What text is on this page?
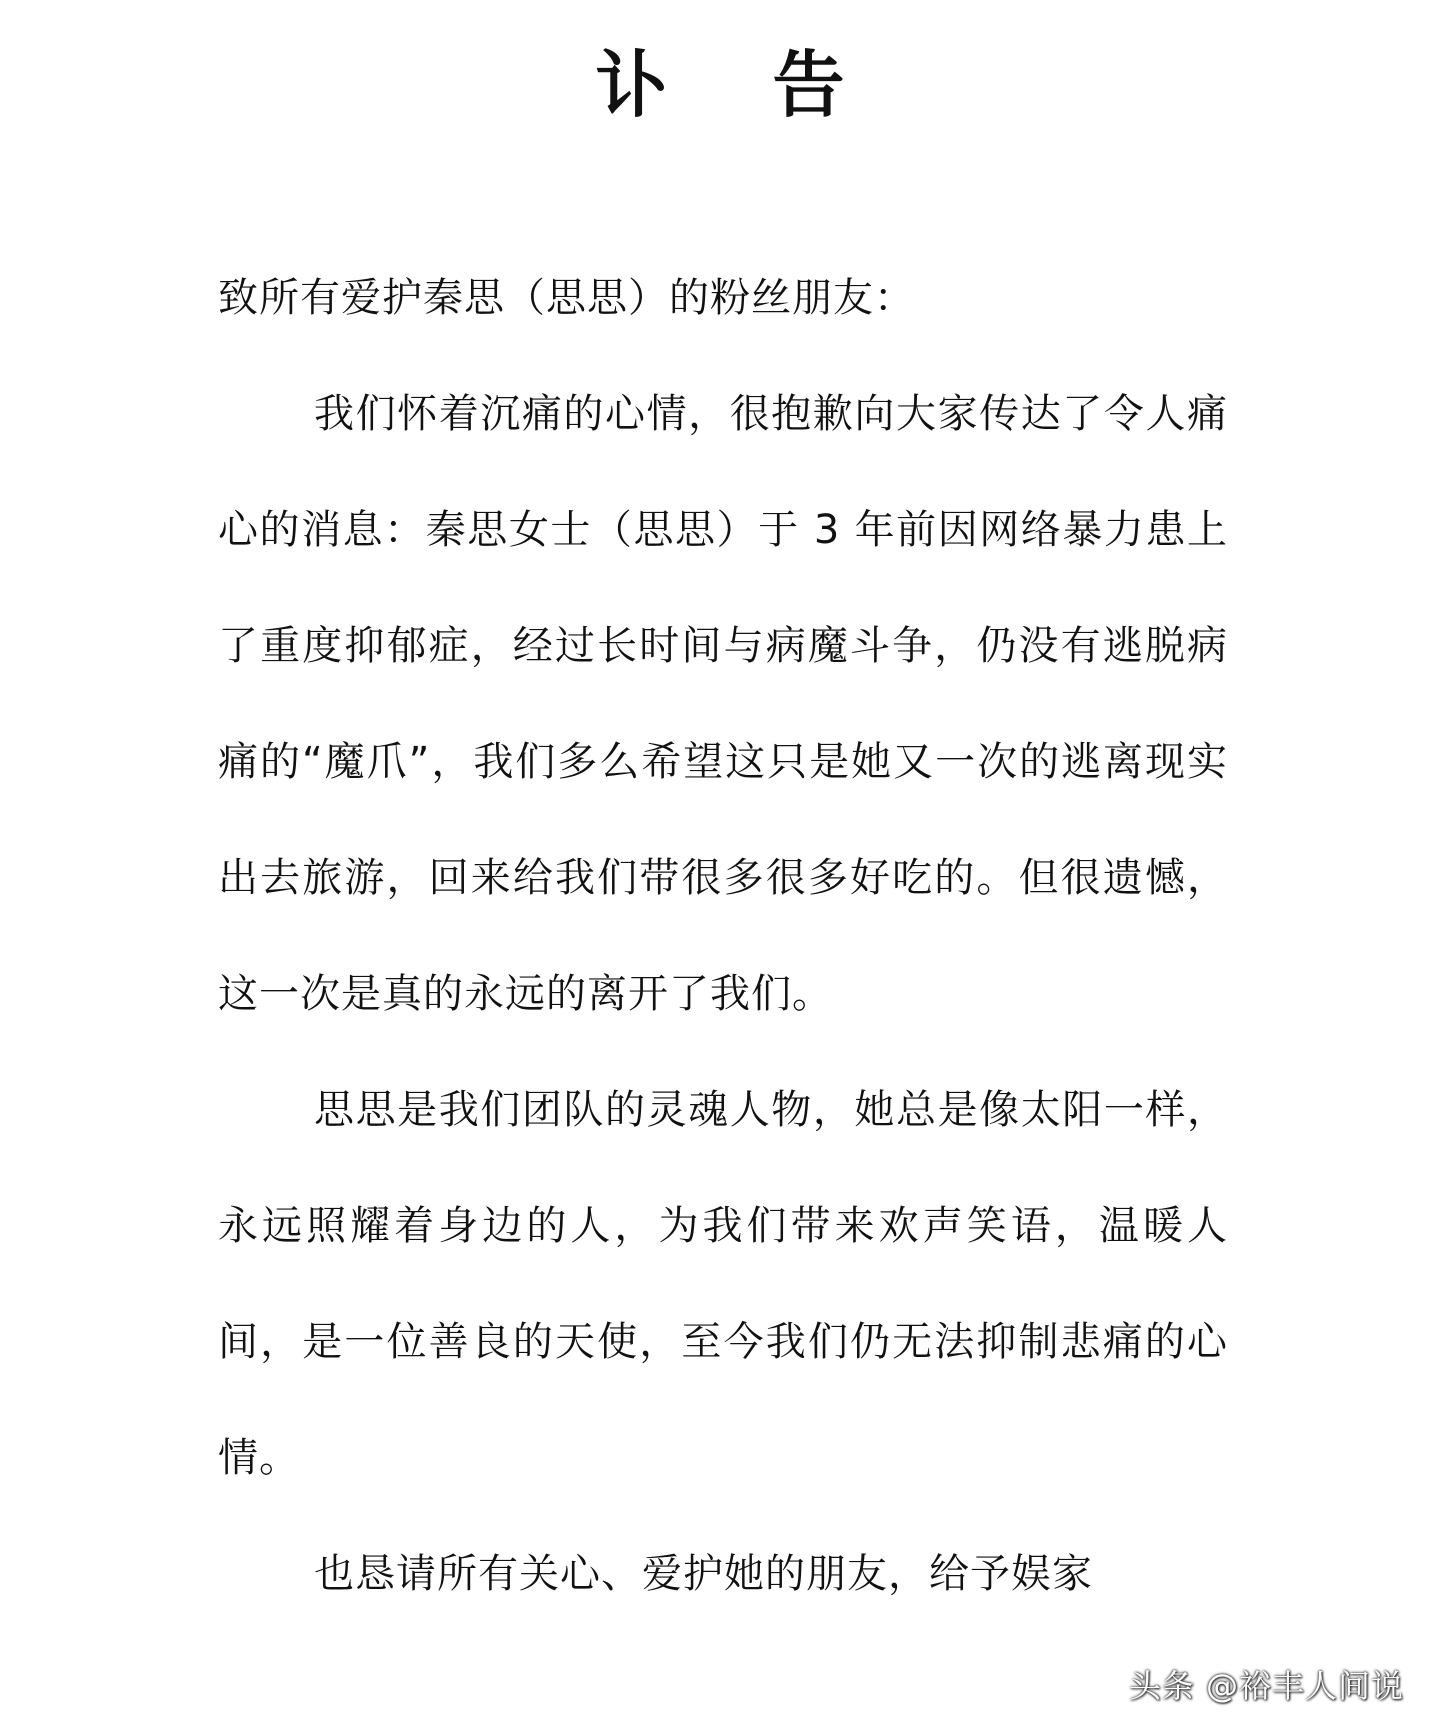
讣 告

致所有爱护秦思（思思）的粉丝朋友：

我们怀着沉痛的心情，很抱歉向大家传达了令人痛心的消息：秦思女士（思思）于 3 年前因网络暴力患上了重度抑郁症，经过长时间与病魔斗争，仍没有逃脱病痛的“魔爪”，我们多么希望这只是她又一次的逃离现实出去旅游，回来给我们带很多很多好吃的。但很遗憾，这一次是真的永远的离开了我们。

思思是我们团队的灵魂人物，她总是像太阳一样，永远照耀着身边的人，为我们带来欢声笑语，温暖人间，是一位善良的天使，至今我们仍无法抑制悲痛的心情。

也恳请所有关心、爱护她的朋友，给予娱家

头条 @裕丰人间说
